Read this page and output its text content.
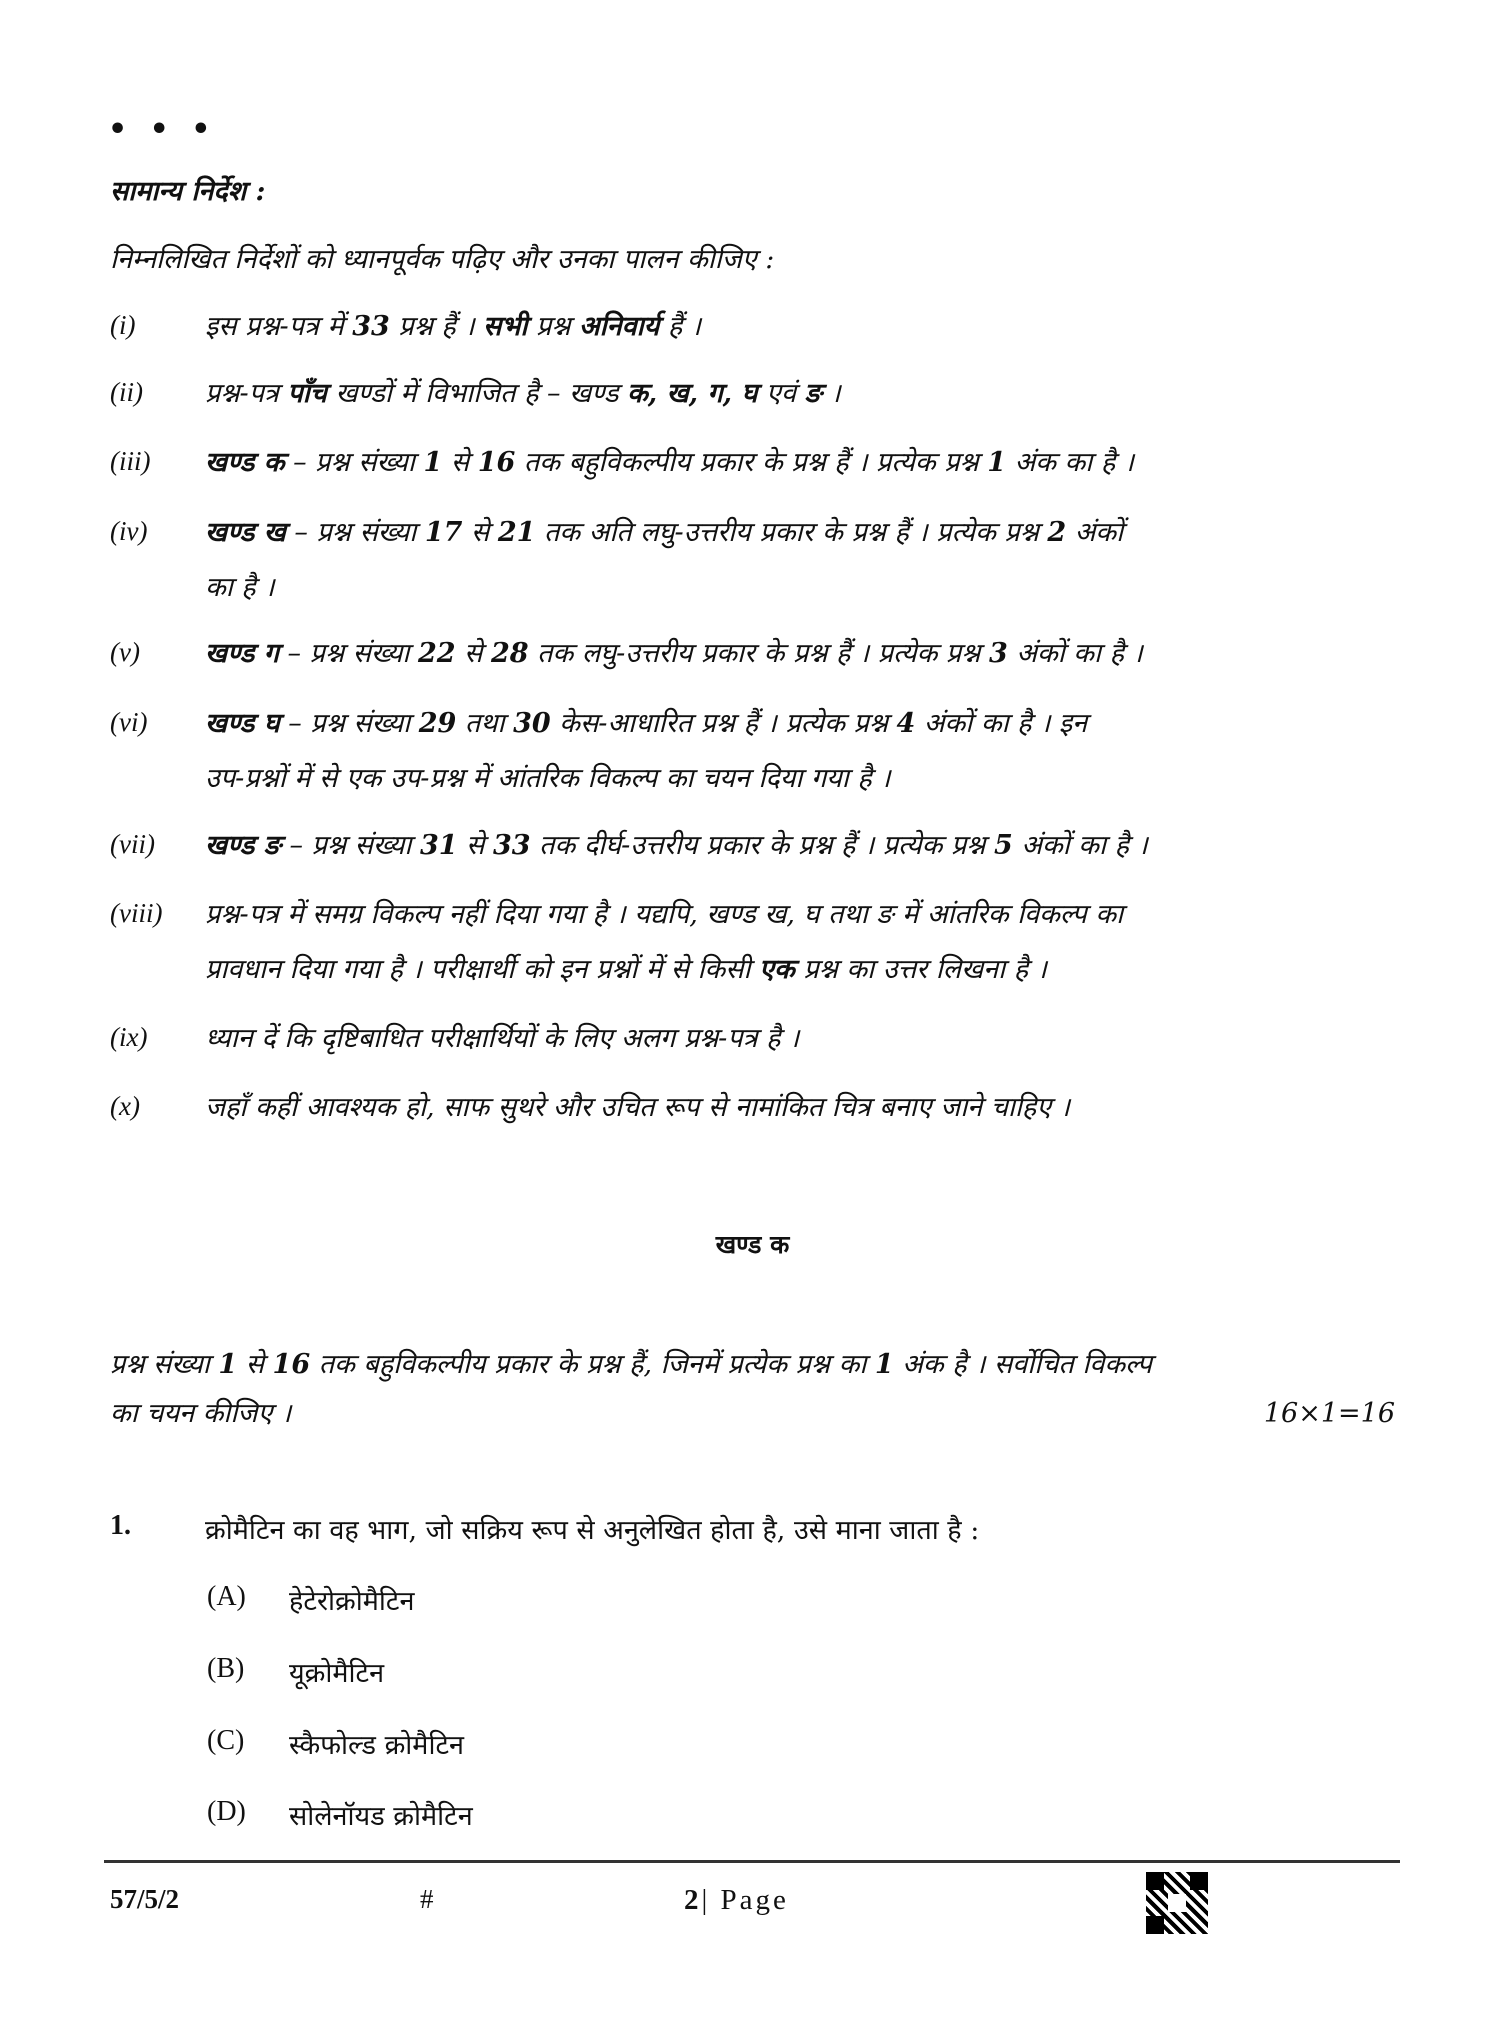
• • •
सामान्य निर्देश :
निम्नलिखित निर्देशों को ध्यानपूर्वक पढ़िए और उनका पालन कीजिए :
(i)	इस प्रश्न-पत्र में 33 प्रश्न हैं । सभी प्रश्न अनिवार्य हैं ।
(ii) प्रश्न-पत्र पाँच खण्डों में विभाजित है – खण्ड क, ख, ग, घ एवं ङ ।
(iii) खण्ड क – प्रश्न संख्या 1 से 16 तक बहुविकल्पीय प्रकार के प्रश्न हैं । प्रत्येक प्रश्न 1 अंक का है ।
(iv) खण्ड ख – प्रश्न संख्या 17 से 21 तक अति लघु-उत्तरीय प्रकार के प्रश्न हैं । प्रत्येक प्रश्न 2 अंकों
का है ।
(v) खण्ड ग – प्रश्न संख्या 22 से 28 तक लघु-उत्तरीय प्रकार के प्रश्न हैं । प्रत्येक प्रश्न 3 अंकों का है ।
(vi) खण्ड घ – प्रश्न संख्या 29 तथा 30 केस-आधारित प्रश्न हैं । प्रत्येक प्रश्न 4 अंकों का है । इन
उप-प्रश्नों में से एक उप-प्रश्न में आंतरिक विकल्प का चयन दिया गया है ।
(vii) खण्ड ङ – प्रश्न संख्या 31 से 33 तक दीर्घ-उत्तरीय प्रकार के प्रश्न हैं । प्रत्येक प्रश्न 5 अंकों का है ।
(viii) प्रश्न-पत्र में समग्र विकल्प नहीं दिया गया है । यद्यपि, खण्ड ख, घ तथा ङ में आंतरिक विकल्प का
प्रावधान दिया गया है । परीक्षार्थी को इन प्रश्नों में से किसी एक प्रश्न का उत्तर लिखना है ।
(ix) ध्यान दें कि दृष्टिबाधित परीक्षार्थियों के लिए अलग प्रश्न-पत्र है ।
(x) जहाँ कहीं आवश्यक हो, साफ सुथरे और उचित रूप से नामांकित चित्र बनाए जाने चाहिए ।
खण्ड क
प्रश्न संख्या 1 से 16 तक बहुविकल्पीय प्रकार के प्रश्न हैं, जिनमें प्रत्येक प्रश्न का 1 अंक है । सर्वोचित विकल्प
का चयन कीजिए ।	16×1=16
1.	क्रोमैटिन का वह भाग, जो सक्रिय रूप से अनुलेखित होता है, उसे माना जाता है :
(A) हेटेरोक्रोमैटिन
(B) यूक्रोमैटिन
(C) स्कैफोल्ड क्रोमैटिन
(D) सोलेनॉयड क्रोमैटिन
57/5/2	#	2| Page
